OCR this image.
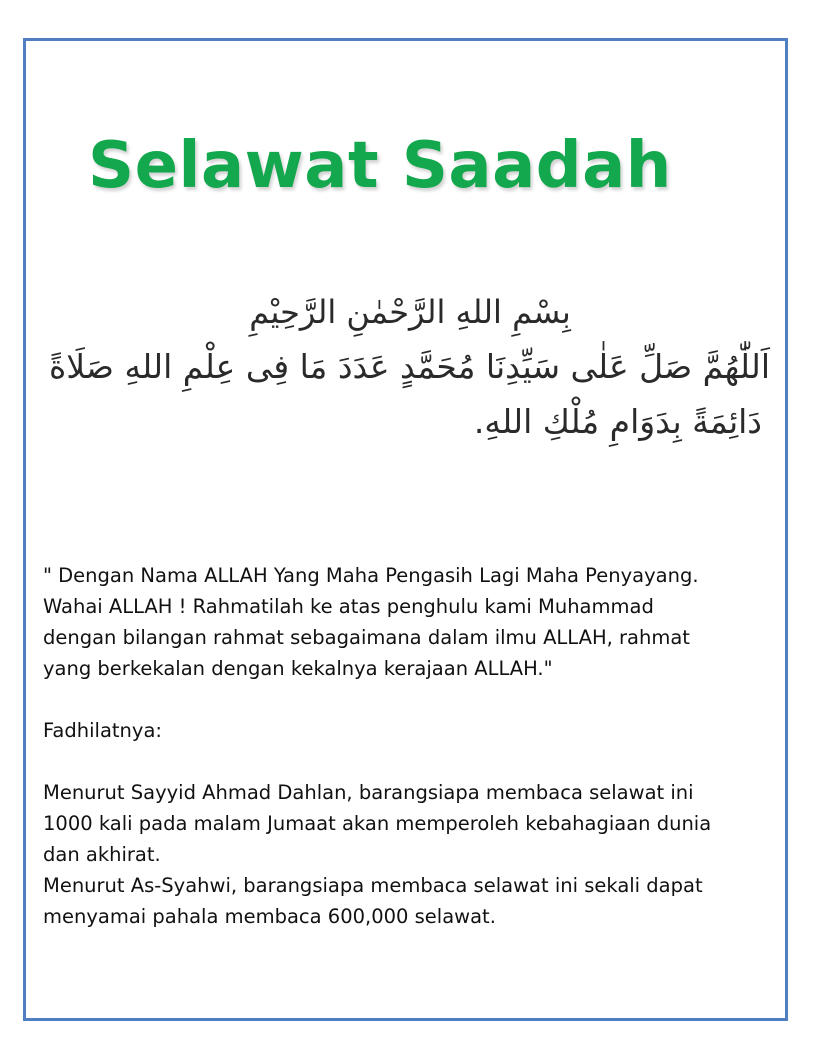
Selawat Saadah
بِسْمِ اللهِ الرَّحْمٰنِ الرَّحِيْمِ
اَللّٰهُمَّ صَلِّ عَلٰى سَيِّدِنَا مُحَمَّدٍ عَدَدَ مَا فِى عِلْمِ اللهِ صَلَاةً
دَائِمَةً بِدَوَامِ مُلْكِ اللهِ.

" Dengan Nama ALLAH Yang Maha Pengasih Lagi Maha Penyayang.

Wahai ALLAH ! Rahmatilah ke atas penghulu kami Muhammad

dengan bilangan rahmat sebagaimana dalam ilmu ALLAH, rahmat

yang berkekalan dengan kekalnya kerajaan ALLAH."

Fadhilatnya:

Menurut Sayyid Ahmad Dahlan, barangsiapa membaca selawat ini

1000 kali pada malam Jumaat akan memperoleh kebahagiaan dunia

dan akhirat.

Menurut As-Syahwi, barangsiapa membaca selawat ini sekali dapat

menyamai pahala membaca 600,000 selawat.
